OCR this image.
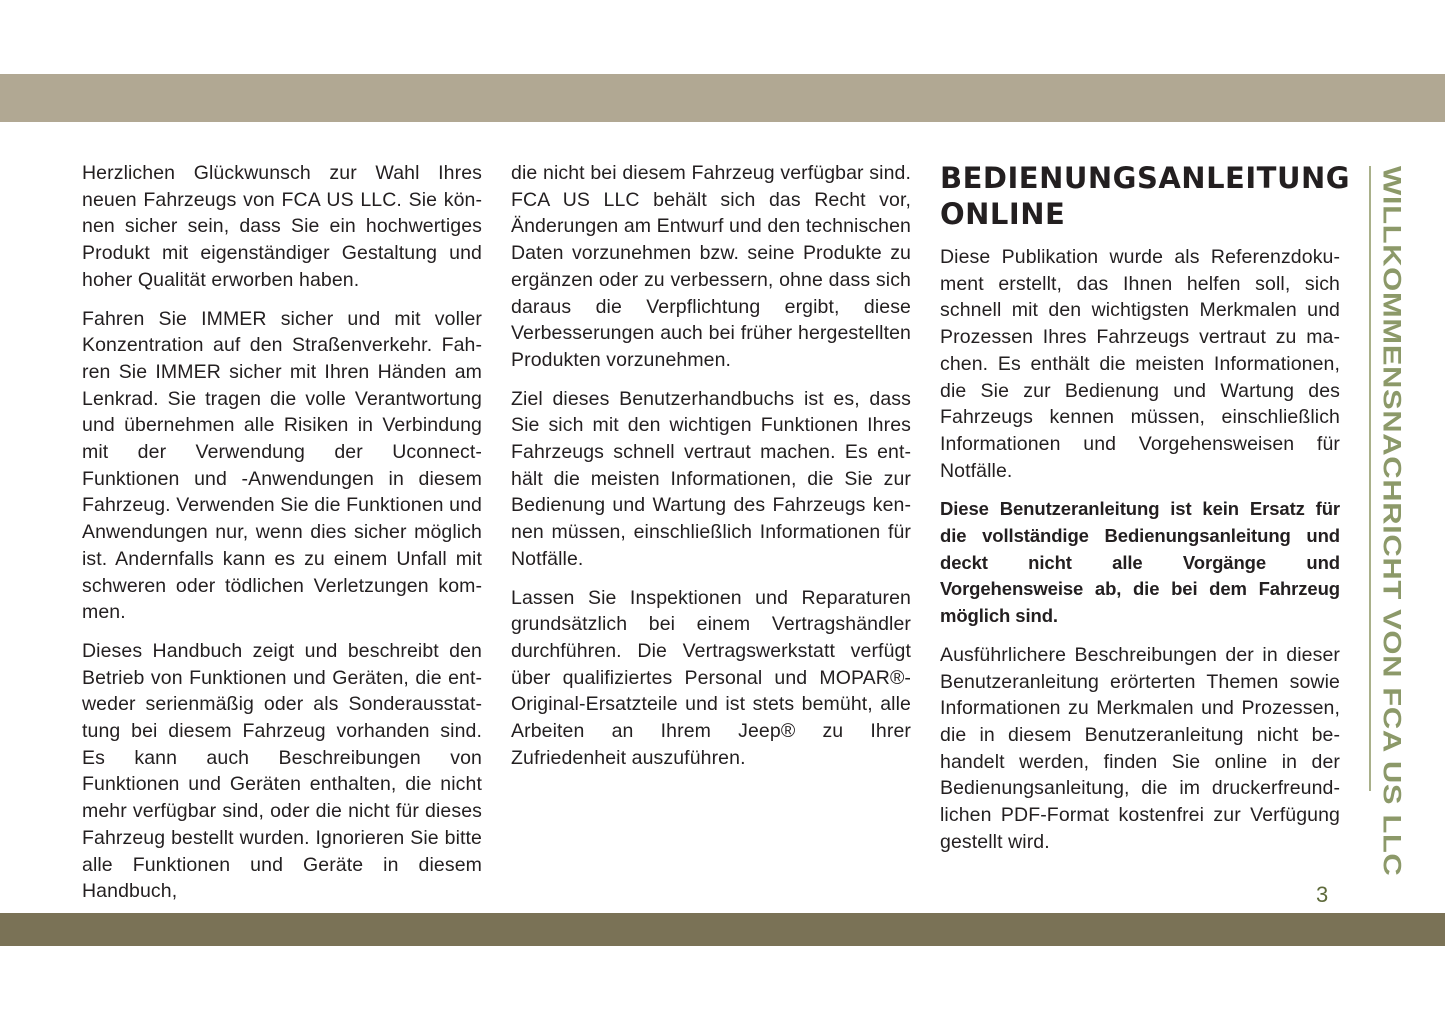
Herzlichen Glückwunsch zur Wahl Ihres neuen Fahrzeugs von FCA US LLC. Sie können sicher sein, dass Sie ein hochwertiges Produkt mit eigenständiger Gestaltung und hoher Qualität erworben haben.

Fahren Sie IMMER sicher und mit voller Konzentration auf den Straßenverkehr. Fahren Sie IMMER sicher mit Ihren Händen am Lenkrad. Sie tragen die volle Verantwortung und übernehmen alle Risiken in Verbindung mit der Verwendung der Uconnect-Funktionen und -Anwendungen in diesem Fahrzeug. Verwenden Sie die Funktionen und Anwendungen nur, wenn dies sicher möglich ist. Andernfalls kann es zu einem Unfall mit schweren oder tödlichen Verletzungen kommen.

Dieses Handbuch zeigt und beschreibt den Betrieb von Funktionen und Geräten, die entweder serienmäßig oder als Sonderausstattung bei diesem Fahrzeug vorhanden sind. Es kann auch Beschreibungen von Funktionen und Geräten enthalten, die nicht mehr verfügbar sind, oder die nicht für dieses Fahrzeug bestellt wurden. Ignorieren Sie bitte alle Funktionen und Geräte in diesem Handbuch,

die nicht bei diesem Fahrzeug verfügbar sind. FCA US LLC behält sich das Recht vor, Änderungen am Entwurf und den technischen Daten vorzunehmen bzw. seine Produkte zu ergänzen oder zu verbessern, ohne dass sich daraus die Verpflichtung ergibt, diese Verbesserungen auch bei früher hergestellten Produkten vorzunehmen.

Ziel dieses Benutzerhandbuchs ist es, dass Sie sich mit den wichtigen Funktionen Ihres Fahrzeugs schnell vertraut machen. Es enthält die meisten Informationen, die Sie zur Bedienung und Wartung des Fahrzeugs kennen müssen, einschließlich Informationen für Notfälle.

Lassen Sie Inspektionen und Reparaturen grundsätzlich bei einem Vertragshändler durchführen. Die Vertragswerkstatt verfügt über qualifiziertes Personal und MOPAR®-Original-Ersatzteile und ist stets bemüht, alle Arbeiten an Ihrem Jeep® zu Ihrer Zufriedenheit auszuführen.

BEDIENUNGSANLEITUNG ONLINE

Diese Publikation wurde als Referenzdokument erstellt, das Ihnen helfen soll, sich schnell mit den wichtigsten Merkmalen und Prozessen Ihres Fahrzeugs vertraut zu machen. Es enthält die meisten Informationen, die Sie zur Bedienung und Wartung des Fahrzeugs kennen müssen, einschließlich Informationen und Vorgehensweisen für Notfälle.

Diese Benutzeranleitung ist kein Ersatz für die vollständige Bedienungsanleitung und deckt nicht alle Vorgänge und Vorgehensweise ab, die bei dem Fahrzeug möglich sind.

Ausführlichere Beschreibungen der in dieser Benutzeranleitung erörterten Themen sowie Informationen zu Merkmalen und Prozessen, die in diesem Benutzeranleitung nicht behandelt werden, finden Sie online in der Bedienungsanleitung, die im druckerfreundlichen PDF-Format kostenfrei zur Verfügung gestellt wird.	WILLKOMMENSNACHRICHT VON FCA US LLC
3
